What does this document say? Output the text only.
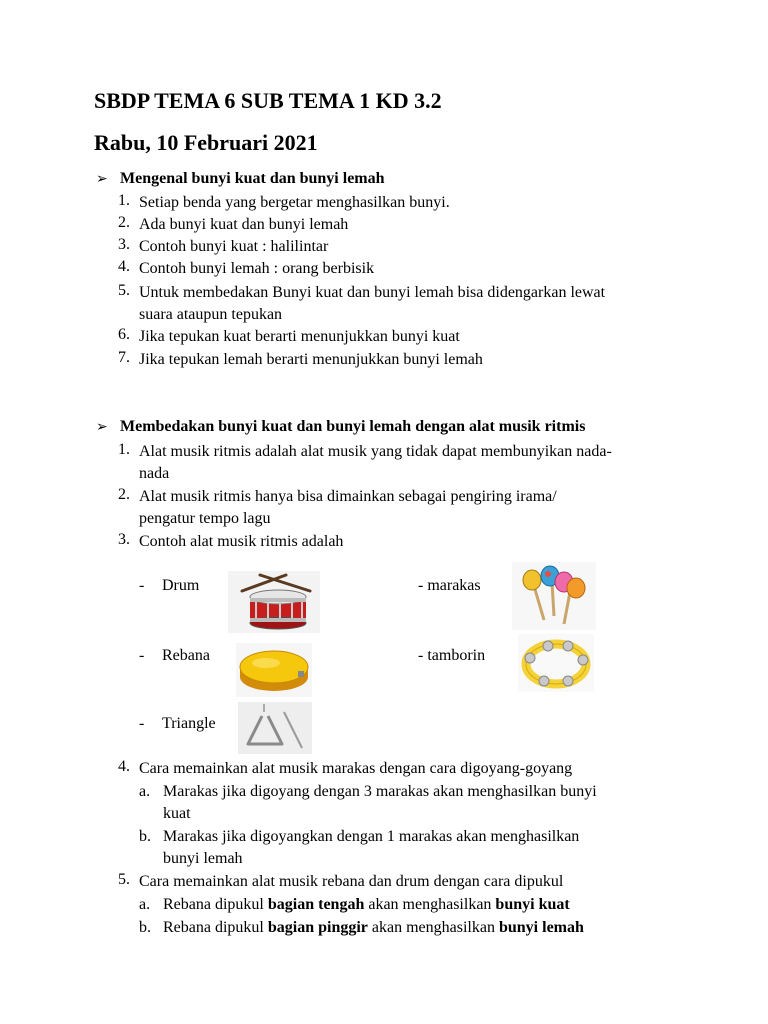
SBDP TEMA 6 SUB TEMA 1 KD 3.2
Rabu, 10 Februari 2021
➢ Mengenal bunyi kuat dan bunyi lemah
1. Setiap benda yang bergetar menghasilkan bunyi.
2. Ada bunyi kuat dan bunyi lemah
3. Contoh bunyi kuat : halilintar
4. Contoh bunyi lemah : orang berbisik
5. Untuk membedakan Bunyi kuat dan bunyi lemah bisa didengarkan lewat
suara ataupun tepukan
6. Jika tepukan kuat berarti menunjukkan bunyi kuat
7. Jika tepukan lemah berarti menunjukkan bunyi lemah
➢ Membedakan bunyi kuat dan bunyi lemah dengan alat musik ritmis
1. Alat musik ritmis adalah alat musik yang tidak dapat membunyikan nada-
nada
2. Alat musik ritmis hanya bisa dimainkan sebagai pengiring irama/
pengatur tempo lagu
3. Contoh alat musik ritmis adalah
- Drum	- marakas
- Rebana	- tamborin
- Triangle
4. Cara memainkan alat musik marakas dengan cara digoyang-goyang
a. Marakas jika digoyang dengan 3 marakas akan menghasilkan bunyi
kuat
b. Marakas jika digoyangkan dengan 1 marakas akan menghasilkan
bunyi lemah
5. Cara memainkan alat musik rebana dan drum dengan cara dipukul
a. Rebana dipukul bagian tengah akan menghasilkan bunyi kuat
b. Rebana dipukul bagian pinggir akan menghasilkan bunyi lemah
